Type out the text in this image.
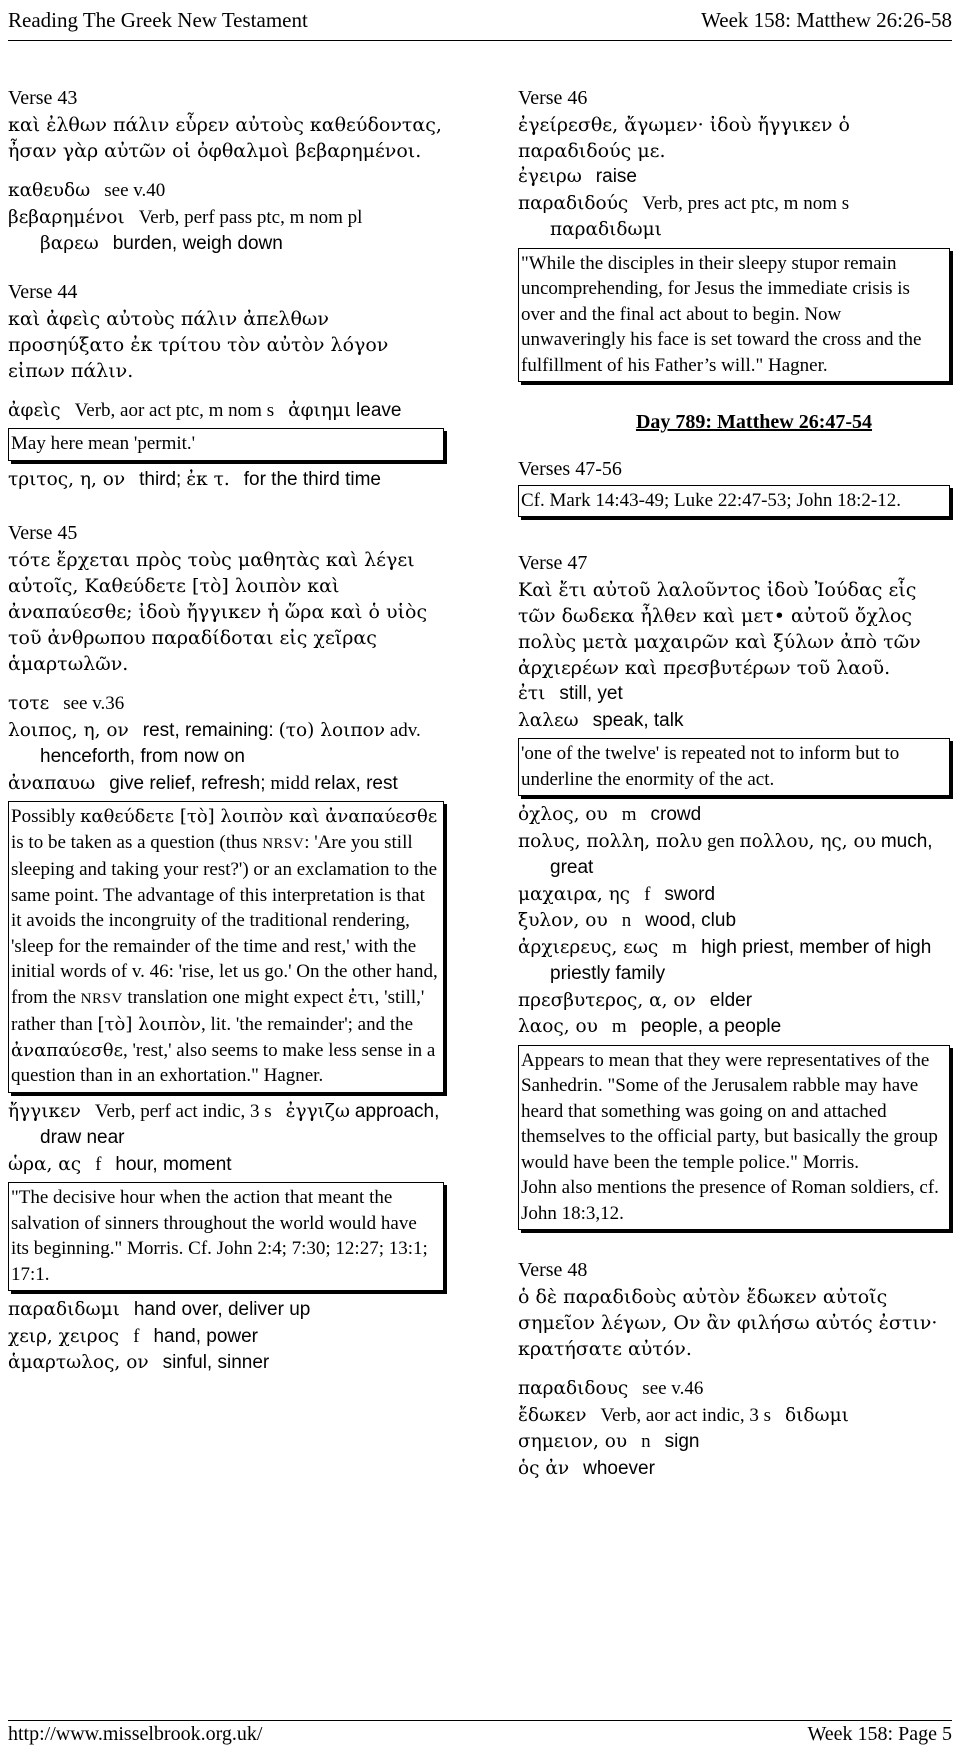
Reading The Greek New Testament	Week 158: Matthew 26:26-58
Verse 43

καὶ ἐλθων πάλιν εὗρεν αὐτοὺς καθεύδοντας, ἦσαν γὰρ αὐτῶν οἱ ὀφθαλμοὶ βεβαρημένοι.

καθευδω see v.40

βεβαρημένοι Verb, perf pass ptc, m nom pl

βαρεω burden, weigh down

Verse 44

καὶ ἀφεὶς αὐτοὺς πάλιν ἀπελθων προσηύξατο ἐκ τρίτου τὸν αὐτὸν λόγον εἰπων πάλιν.

ἀφεὶς Verb, aor act ptc, m nom s ἀφιημι leave

May here mean 'permit.'

τριτος, η, ον third; ἐκ τ. for the third time

Verse 45

τότε ἔρχεται πρὸς τοὺς μαθητὰς καὶ λέγει αὐτοῖς, Καθεύδετε [τὸ] λοιπὸν καὶ ἀναπαύεσθε; ἰδοὺ ἤγγικεν ἡ ὥρα καὶ ὁ υἱὸς τοῦ ἀνθρωπου παραδίδοται εἰς χεῖρας ἁμαρτωλῶν.

τοτε see v.36

λοιπος, η, ον rest, remaining: (το) λοιπον adv. henceforth, from now on

ἀναπαυω give relief, refresh; midd relax, rest

Possibly καθεύδετε [τὸ] λοιπὸν καὶ ἀναπαύεσθε is to be taken as a question (thus NRSV: 'Are you still sleeping and taking your rest?') or an exclamation to the same point. The advantage of this interpretation is that it avoids the incongruity of the traditional rendering, 'sleep for the remainder of the time and rest,' with the initial words of v. 46: 'rise, let us go.' On the other hand, from the NRSV translation one might expect ἐτι, 'still,' rather than [τὸ] λοιπὸν, lit. 'the remainder'; and the ἀναπαύεσθε, 'rest,' also seems to make less sense in a question than in an exhortation." Hagner.

ἤγγικεν Verb, perf act indic, 3 s ἐγγιζω approach, draw near

ὡρα, ας f hour, moment

"The decisive hour when the action that meant the salvation of sinners throughout the world would have its beginning." Morris. Cf. John 2:4; 7:30; 12:27; 13:1; 17:1.

παραδιδωμι hand over, deliver up

χειρ, χειρος f hand, power

ἁμαρτωλος, ον sinful, sinner

Verse 46

ἐγείρεσθε, ἄγωμεν· ἰδοὺ ἤγγικεν ὁ παραδιδούς με.

ἐγειρω raise

παραδιδούς Verb, pres act ptc, m nom s παραδιδωμι

"While the disciples in their sleepy stupor remain uncomprehending, for Jesus the immediate crisis is over and the final act about to begin. Now unwaveringly his face is set toward the cross and the fulfillment of his Father’s will." Hagner.

Day 789: Matthew 26:47-54

Verses 47-56
Cf. Mark 14:43-49; Luke 22:47-53; John 18:2-12.
Verse 47

Καὶ ἔτι αὐτοῦ λαλοῦντος ἰδοὺ Ἰούδας εἷς τῶν δωδεκα ἦλθεν καὶ μετ• αὐτοῦ ὄχλος πολὺς μετὰ μαχαιρῶν καὶ ξύλων ἀπὸ τῶν ἀρχιερέων καὶ πρεσβυτέρων τοῦ λαοῦ.

ἐτι still, yet

λαλεω speak, talk

'one of the twelve' is repeated not to inform but to underline the enormity of the act.

ὀχλος, ου m crowd

πολυς, πολλη, πολυ gen πολλου, ης, ου much, great

μαχαιρα, ης f sword

ξυλον, ου n wood, club

ἀρχιερευς, εως m high priest, member of high priestly family

πρεσβυτερος, α, ον elder

λαος, ου m people, a people

Appears to mean that they were representatives of the Sanhedrin. "Some of the Jerusalem rabble may have heard that something was going on and attached themselves to the official party, but basically the group would have been the temple police." Morris.
John also mentions the presence of Roman soldiers, cf. John 18:3,12.
Verse 48

ὁ δὲ παραδιδοὺς αὐτὸν ἔδωκεν αὐτοῖς σημεῖον λέγων, Ον ἂν φιλήσω αὐτός ἐστιν· κρατήσατε αὐτόν.

παραδιδους see v.46

ἔδωκεν Verb, aor act indic, 3 s διδωμι

σημειον, ου n sign

ὁς ἀν whoever

http://www.misselbrook.org.uk/	Week 158: Page 5
